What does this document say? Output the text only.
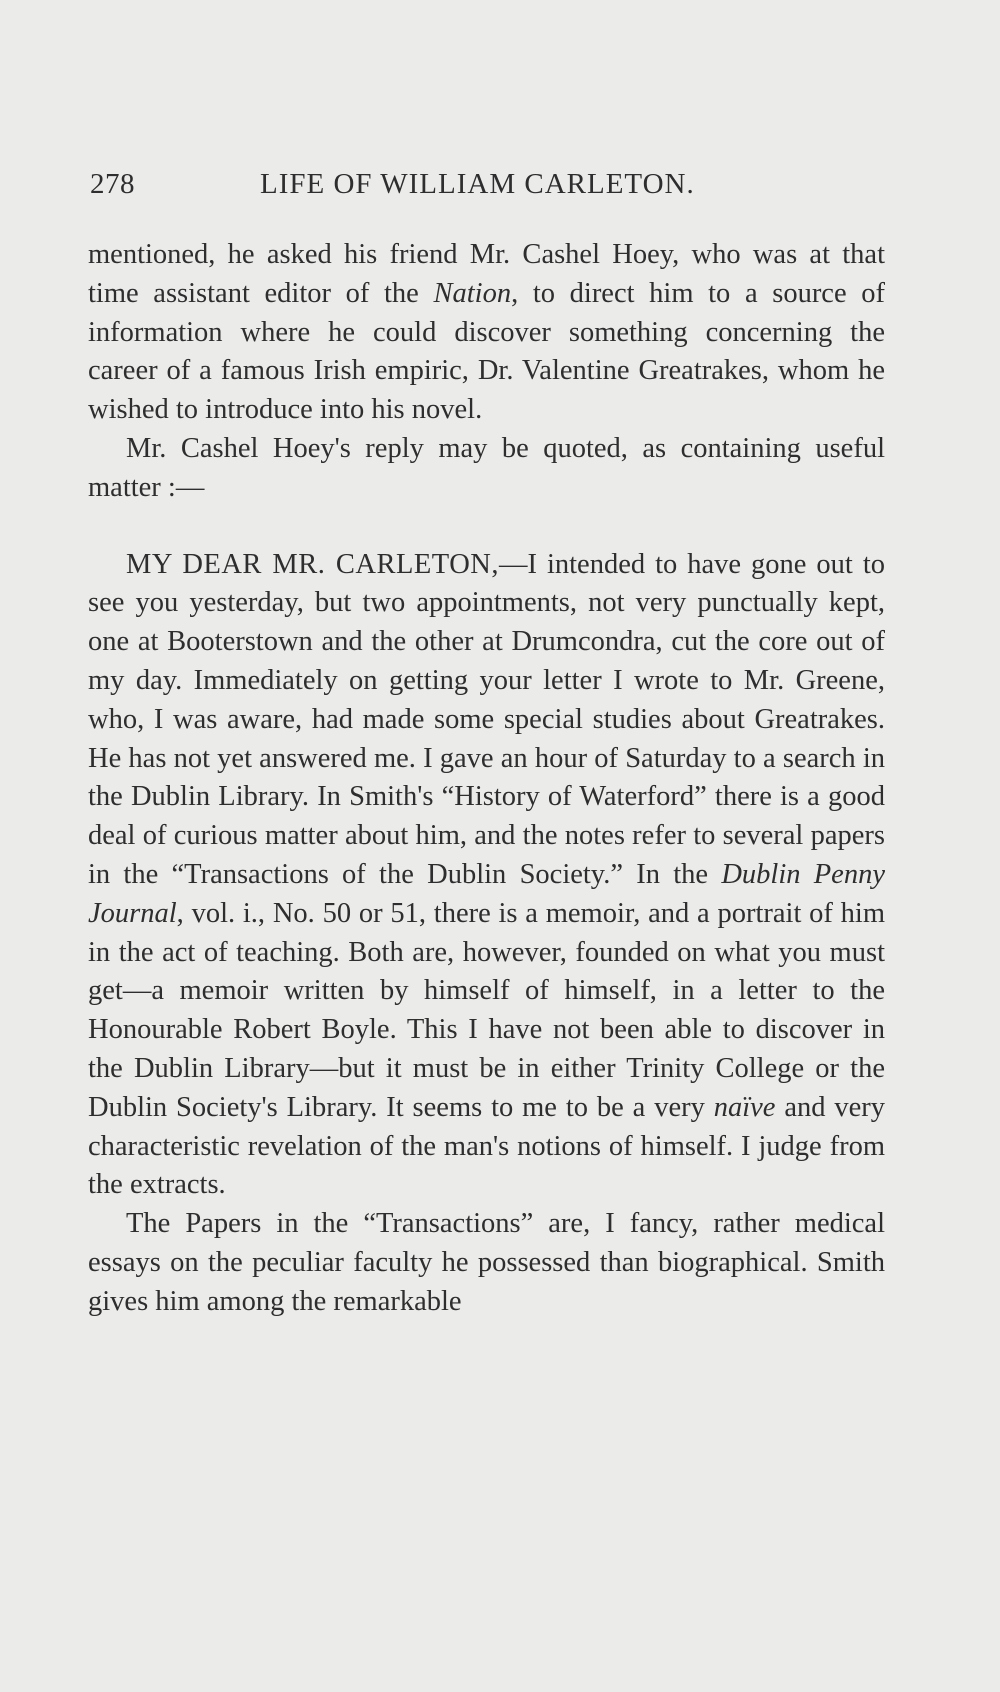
278	LIFE OF WILLIAM CARLETON.

mentioned, he asked his friend Mr. Cashel Hoey, who was at that time assistant editor of the Nation, to direct him to a source of information where he could discover something concerning the career of a famous Irish empiric, Dr. Valentine Greatrakes, whom he wished to introduce into his novel.

Mr. Cashel Hoey's reply may be quoted, as containing useful matter :—

MY DEAR MR. CARLETON,—I intended to have gone out to see you yesterday, but two appointments, not very punctually kept, one at Booterstown and the other at Drumcondra, cut the core out of my day. Immediately on getting your letter I wrote to Mr. Greene, who, I was aware, had made some special studies about Greatrakes. He has not yet answered me. I gave an hour of Saturday to a search in the Dublin Library. In Smith's “History of Waterford” there is a good deal of curious matter about him, and the notes refer to several papers in the “Transactions of the Dublin Society.” In the Dublin Penny Journal, vol. i., No. 50 or 51, there is a memoir, and a portrait of him in the act of teaching. Both are, however, founded on what you must get—a memoir written by himself of himself, in a letter to the Honourable Robert Boyle. This I have not been able to discover in the Dublin Library—but it must be in either Trinity College or the Dublin Society's Library. It seems to me to be a very naïve and very characteristic revelation of the man's notions of himself. I judge from the extracts.

The Papers in the “Transactions” are, I fancy, rather medical essays on the peculiar faculty he possessed than biographical. Smith gives him among the remarkable
